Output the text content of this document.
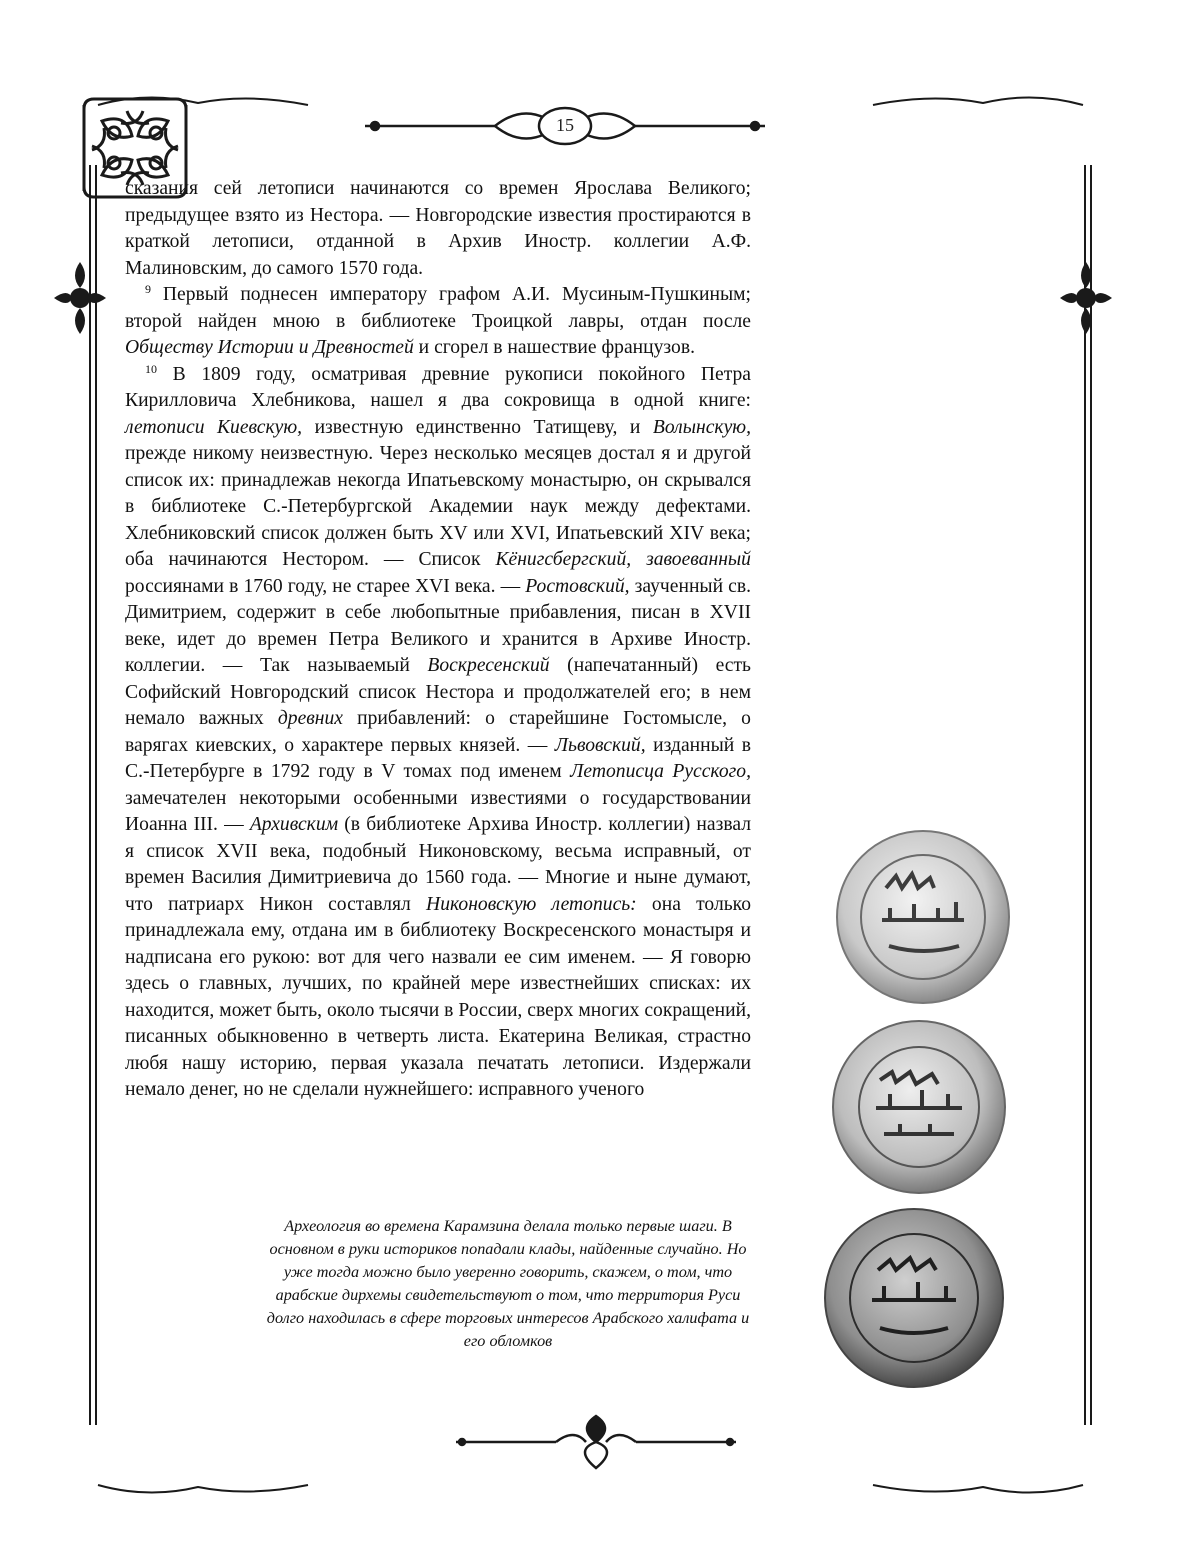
15

сказания сей летописи начинаются со времен Ярослава Великого; предыдущее взято из Нестора. — Новгородские известия простираются в краткой летописи, отданной в Архив Иностр. коллегии А.Ф. Малиновским, до самого 1570 года.

$^9$ Первый поднесен императору графом А.И. Мусиным-Пушкиным; второй найден мною в библиотеке Троицкой лавры, отдан после Обществу Истории и Древностей и сгорел в нашествие французов.

$^{10}$ В 1809 году, осматривая древние рукописи покойного Петра Кирилловича Хлебникова, нашел я два сокровища в одной книге: летописи Киевскую, известную единственно Татищеву, и Волынскую, прежде никому неизвестную. Через несколько месяцев достал я и другой список их: принадлежав некогда Ипатьевскому монастырю, он скрывался в библиотеке С.-Петербургской Академии наук между дефектами. Хлебниковский список должен быть XV или XVI, Ипатьевский XIV века; оба начинаются Нестором. — Список Кёнигсбергский, завоеванный россиянами в 1760 году, не старее XVI века. — Ростовский, заученный св. Димитрием, содержит в себе любопытные прибавления, писан в XVII веке, идет до времен Петра Великого и хранится в Архиве Иностр. коллегии. — Так называемый Воскресенский (напечатанный) есть Софийский Новгородский список Нестора и продолжателей его; в нем немало важных древних прибавлений: о старейшине Гостомысле, о варягах киевских, о характере первых князей. — Львовский, изданный в С.-Петербурге в 1792 году в V томах под именем Летописца Русского, замечателен некоторыми особенными известиями о государствовании Иоанна III. — Архивским (в библиотеке Архива Иностр. коллегии) назвал я список XVII века, подобный Никоновскому, весьма исправный, от времен Василия Димитриевича до 1560 года. — Многие и ныне думают, что патриарх Никон составлял Никоновскую летопись: она только принадлежала ему, отдана им в библиотеку Воскресенского монастыря и надписана его рукою: вот для чего назвали ее сим именем. — Я говорю здесь о главных, лучших, по крайней мере известнейших списках: их находится, может быть, около тысячи в России, сверх многих сокращений, писанных обыкновенно в четверть листа. Екатерина Великая, страстно любя нашу историю, первая указала печатать летописи. Издержали немало денег, но не сделали нужнейшего: исправного ученого

Археология во времена Карамзина делала только первые шаги. В основном в руки историков попадали клады, найденные случайно. Но уже тогда можно было уверенно говорить, скажем, о том, что арабские дирхемы свидетельствуют о том, что территория Руси долго находилась в сфере торговых интересов Арабского халифата и его обломков
